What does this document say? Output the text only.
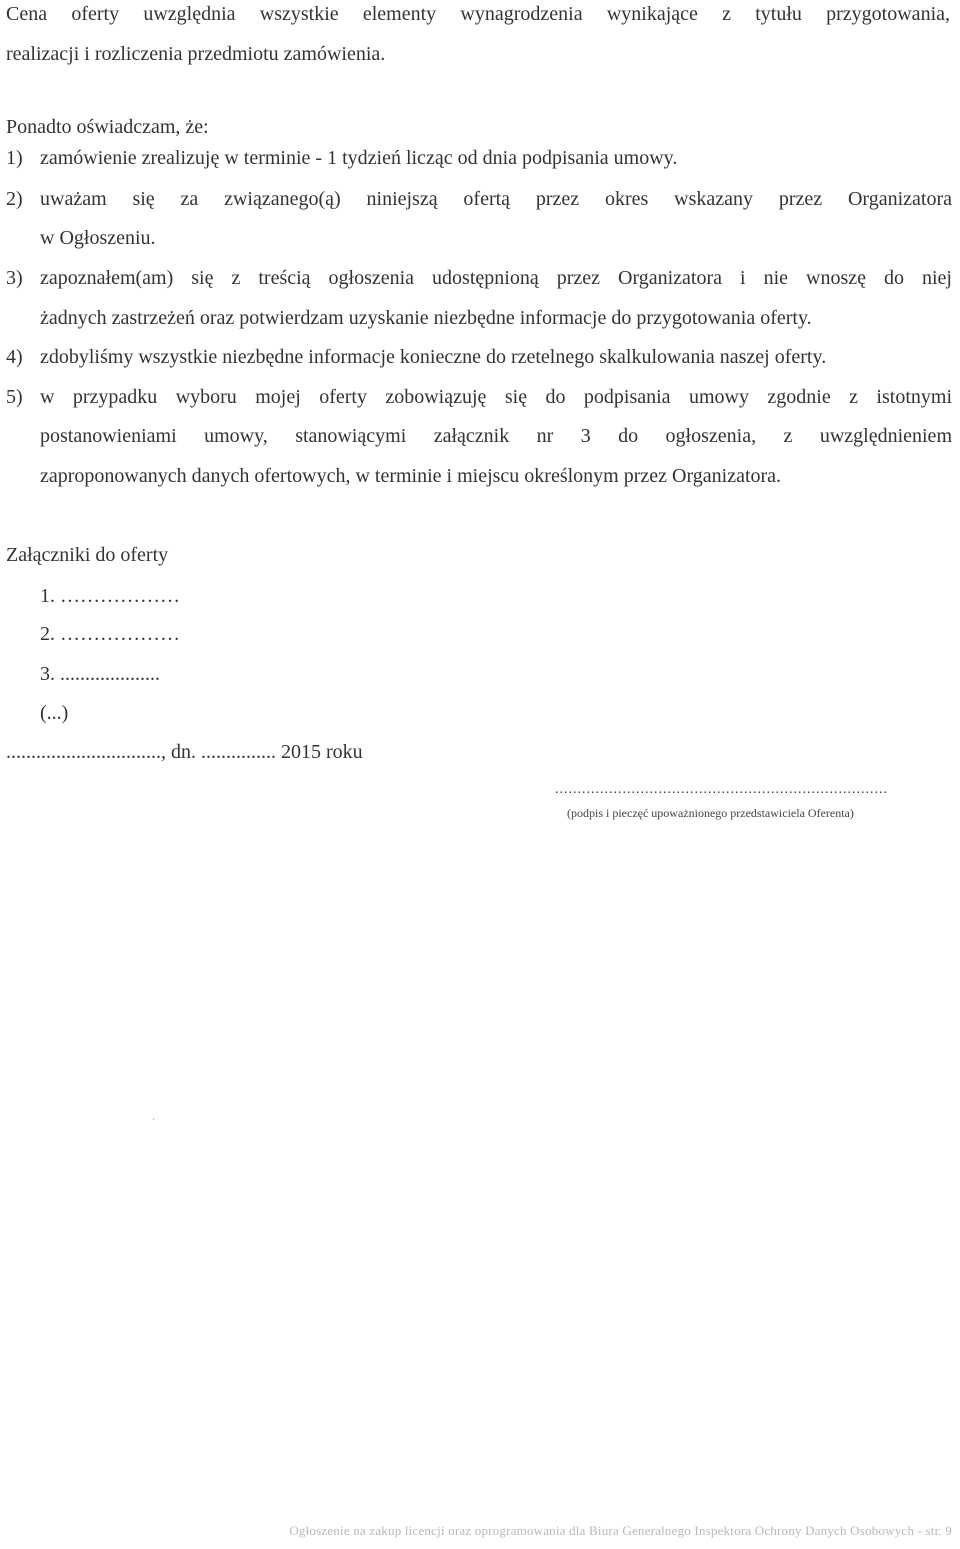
Cena oferty uwzględnia wszystkie elementy wynagrodzenia wynikające z tytułu przygotowania,
realizacji i rozliczenia przedmiotu zamówienia.
Ponadto oświadczam, że:
1) zamówienie zrealizuję w terminie - 1 tydzień licząc od dnia podpisania umowy.
2) uważam się za związanego(ą) niniejszą ofertą przez okres wskazany przez Organizatora
w Ogłoszeniu.
3) zapoznałem(am) się z treścią ogłoszenia udostępnioną przez Organizatora i nie wnoszę do niej
żadnych zastrzeżeń oraz potwierdzam uzyskanie niezbędne informacje do przygotowania oferty.
4) zdobyliśmy wszystkie niezbędne informacje konieczne do rzetelnego skalkulowania naszej oferty.
5) w przypadku wyboru mojej oferty zobowiązuję się do podpisania umowy zgodnie z istotnymi
postanowieniami umowy, stanowiącymi załącznik nr 3 do ogłoszenia, z uwzględnieniem
zaproponowanych danych ofertowych, w terminie i miejscu określonym przez Organizatora.
Załączniki do oferty
1. ………………
2. ………………
3. ....................
(...)
..............................., dn. ............... 2015 roku
..........................................................................
(podpis i pieczęć upoważnionego przedstawiciela Oferenta)
`
Ogłoszenie na zakup licencji oraz oprogramowania dla Biura Generalnego Inspektora Ochrony Danych Osobowych - str. 9
